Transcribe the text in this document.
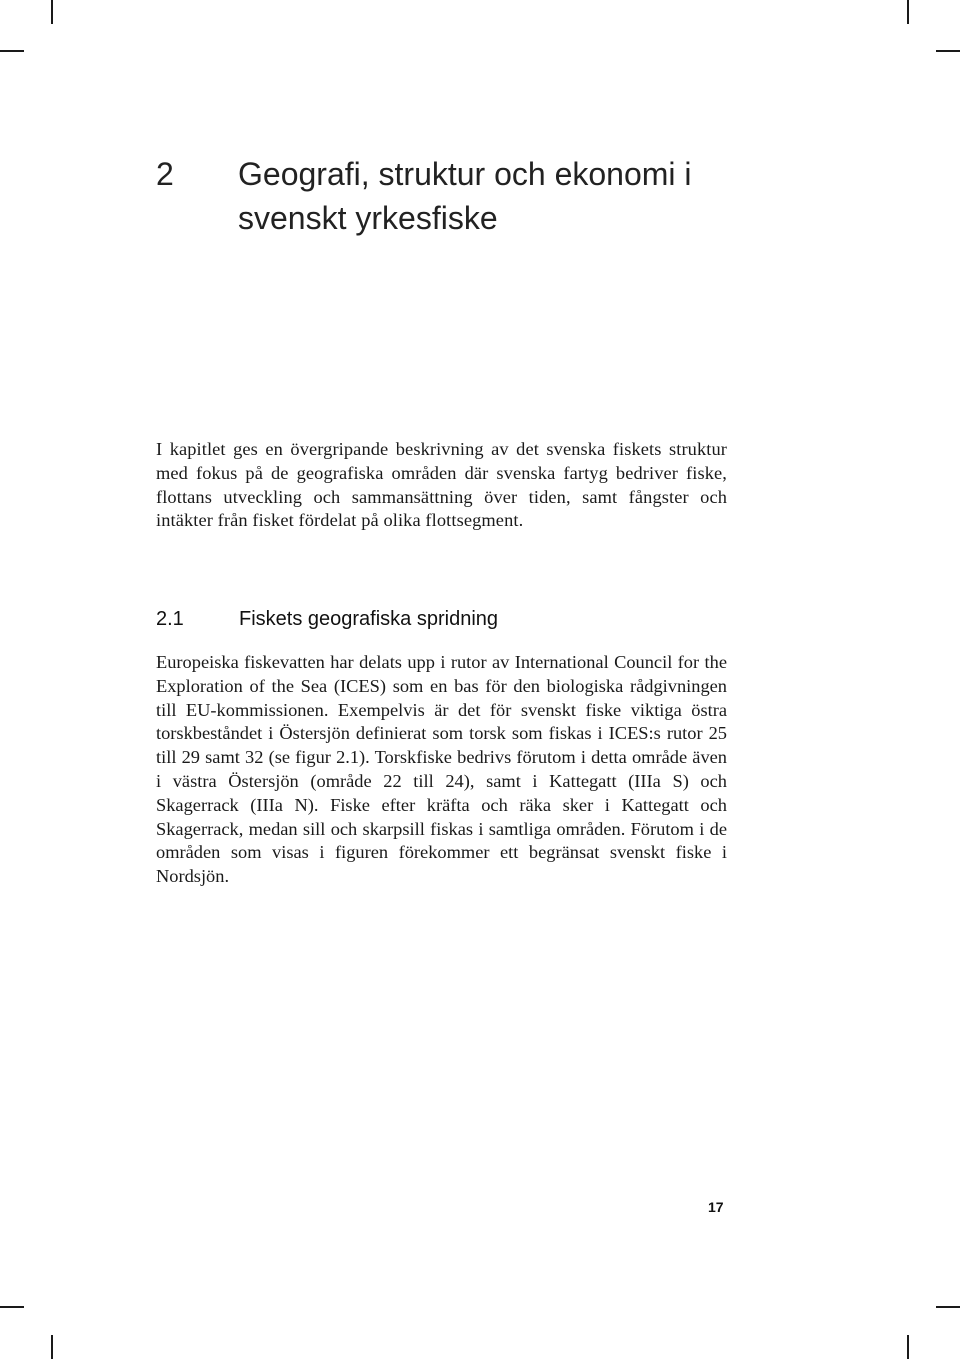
2 Geografi, struktur och ekonomi i svenskt yrkesfiske

I kapitlet ges en övergripande beskrivning av det svenska fiskets struktur med fokus på de geografiska områden där svenska fartyg bedriver fiske, flottans utveckling och sammansättning över tiden, samt fångster och intäkter från fisket fördelat på olika flottsegment.

2.1	Fiskets geografiska spridning

Europeiska fiskevatten har delats upp i rutor av International Council for the Exploration of the Sea (ICES) som en bas för den biologiska rådgivningen till EU-kommissionen. Exempelvis är det för svenskt fiske viktiga östra torskbeståndet i Östersjön definierat som torsk som fiskas i ICES:s rutor 25 till 29 samt 32 (se figur 2.1). Torskfiske bedrivs förutom i detta område även i västra Östersjön (område 22 till 24), samt i Kattegatt (IIIa S) och Skagerrack (IIIa N). Fiske efter kräfta och räka sker i Kattegatt och Skagerrack, medan sill och skarpsill fiskas i samtliga områden. Förutom i de områden som visas i figuren förekommer ett begränsat svenskt fiske i Nordsjön.

17
